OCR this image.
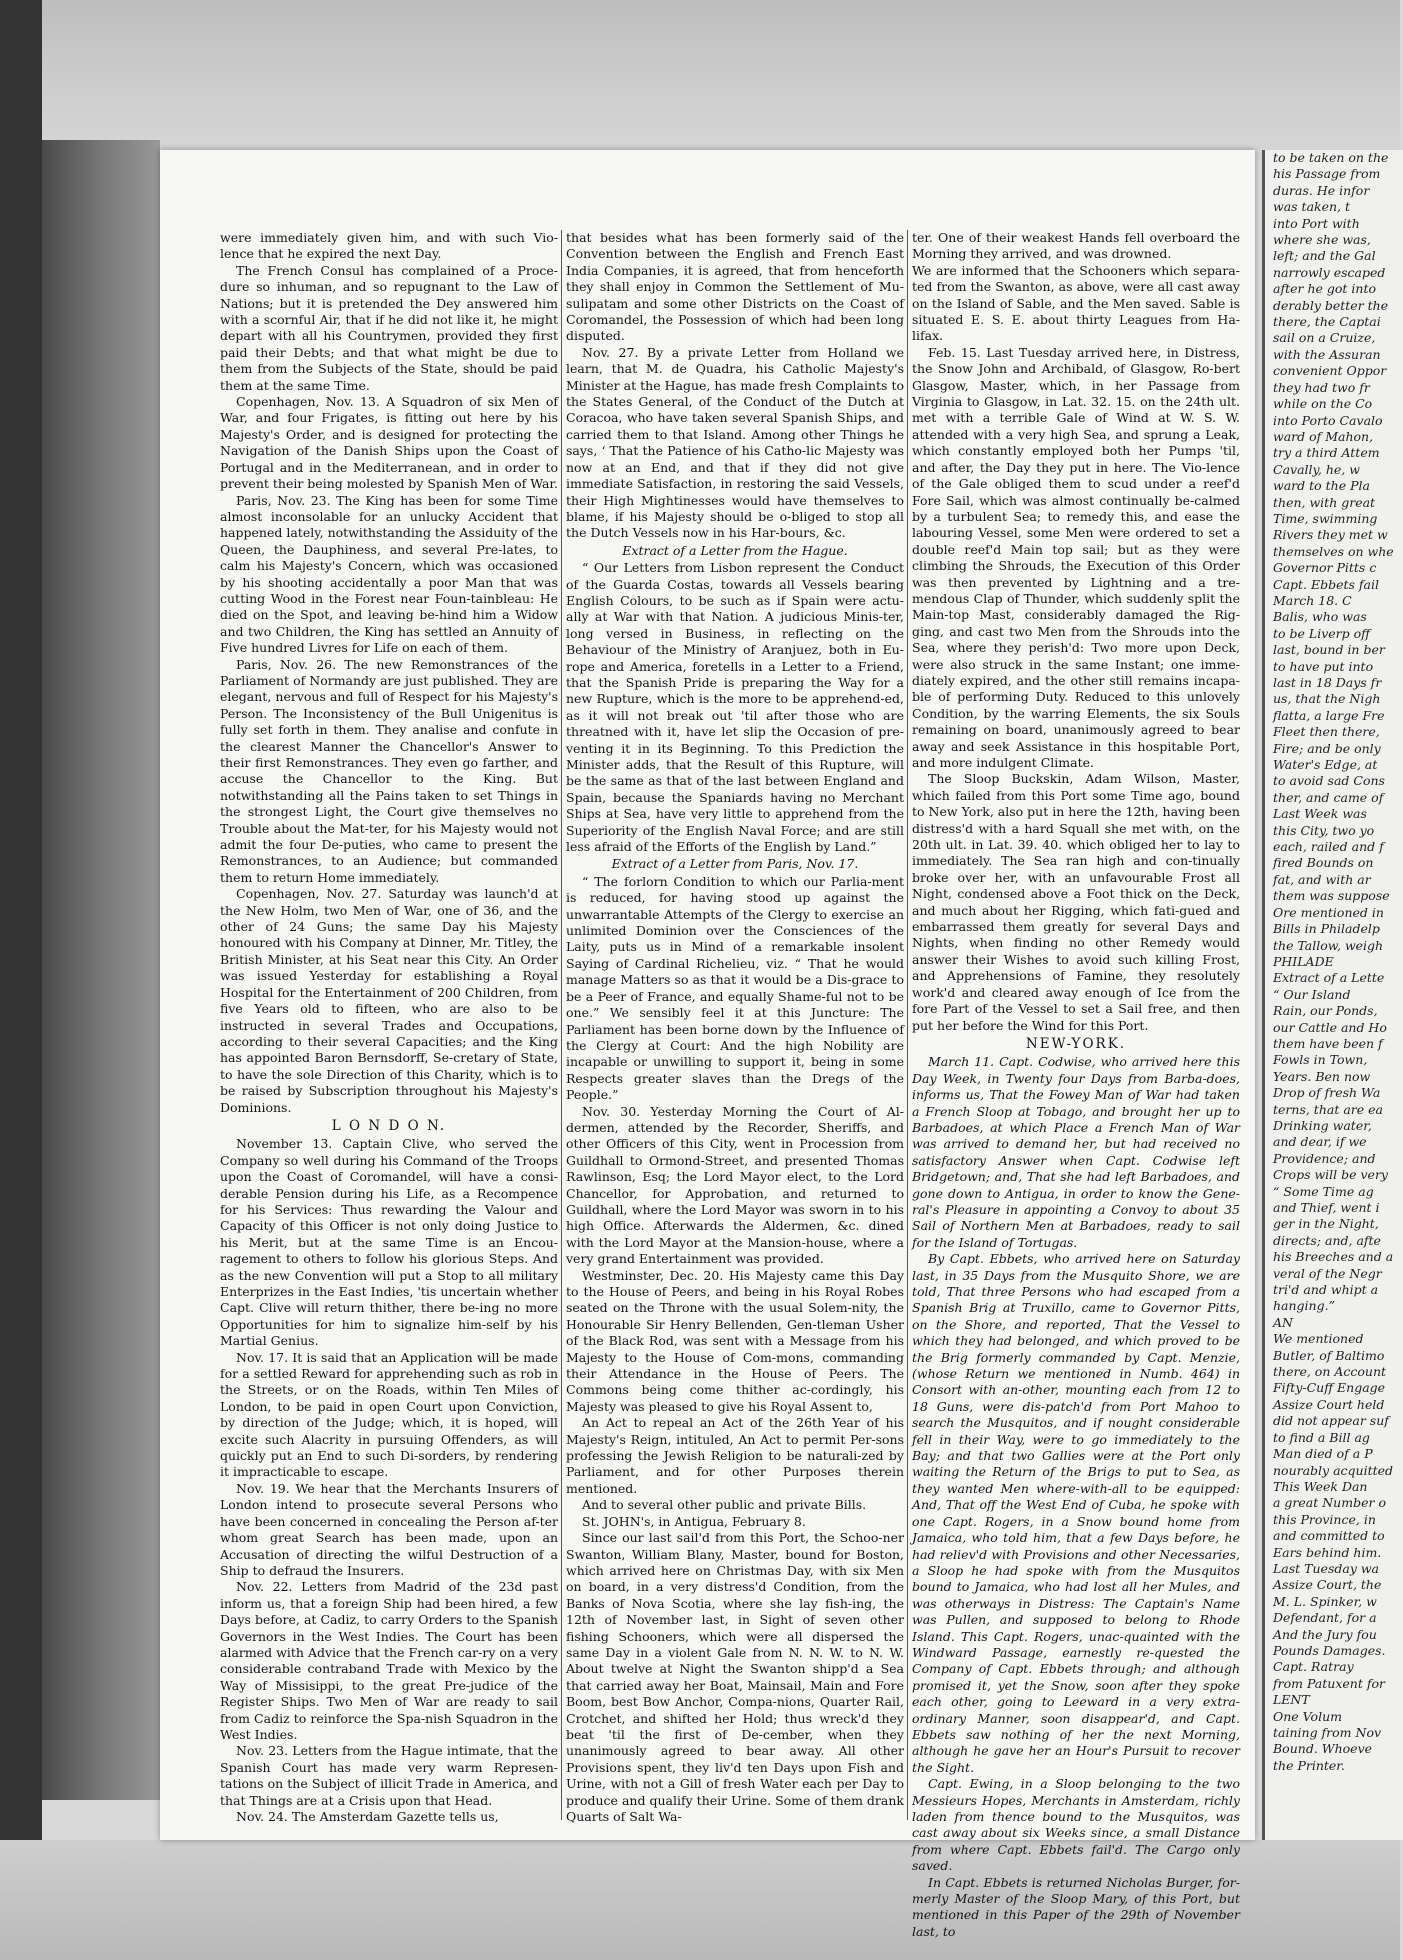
were immediately given him, and with such Vio-lence that he expired the next Day.

The French Consul has complained of a Proce-dure so inhuman, and so repugnant to the Law of Nations; but it is pretended the Dey answered him with a scornful Air, that if he did not like it, he might depart with all his Countrymen, provided they first paid their Debts; and that what might be due to them from the Subjects of the State, should be paid them at the same Time.

Copenhagen, Nov. 13. A Squadron of six Men of War, and four Frigates, is fitting out here by his Majesty's Order, and is designed for protecting the Navigation of the Danish Ships upon the Coast of Portugal and in the Mediterranean, and in order to prevent their being molested by Spanish Men of War.

Paris, Nov. 23. The King has been for some Time almost inconsolable for an unlucky Accident that happened lately, notwithstanding the Assiduity of the Queen, the Dauphiness, and several Pre-lates, to calm his Majesty's Concern, which was occasioned by his shooting accidentally a poor Man that was cutting Wood in the Forest near Foun-tainbleau: He died on the Spot, and leaving be-hind him a Widow and two Children, the King has settled an Annuity of Five hundred Livres for Life on each of them.

Paris, Nov. 26. The new Remonstrances of the Parliament of Normandy are just published. They are elegant, nervous and full of Respect for his Majesty's Person. The Inconsistency of the Bull Unigenitus is fully set forth in them. They analise and confute in the clearest Manner the Chancellor's Answer to their first Remonstrances. They even go farther, and accuse the Chancellor to the King. But notwithstanding all the Pains taken to set Things in the strongest Light, the Court give themselves no Trouble about the Mat-ter, for his Majesty would not admit the four De-puties, who came to present the Remonstrances, to an Audience; but commanded them to return Home immediately.

Copenhagen, Nov. 27. Saturday was launch'd at the New Holm, two Men of War, one of 36, and the other of 24 Guns; the same Day his Majesty honoured with his Company at Dinner, Mr. Titley, the British Minister, at his Seat near this City. An Order was issued Yesterday for establishing a Royal Hospital for the Entertainment of 200 Children, from five Years old to fifteen, who are also to be instructed in several Trades and Occupations, according to their several Capacities; and the King has appointed Baron Bernsdorff, Se-cretary of State, to have the sole Direction of this Charity, which is to be raised by Subscription throughout his Majesty's Dominions.

L O N D O N.

November 13. Captain Clive, who served the Company so well during his Command of the Troops upon the Coast of Coromandel, will have a consi-derable Pension during his Life, as a Recompence for his Services: Thus rewarding the Valour and Capacity of this Officer is not only doing Justice to his Merit, but at the same Time is an Encou-ragement to others to follow his glorious Steps. And as the new Convention will put a Stop to all military Enterprizes in the East Indies, 'tis uncertain whether Capt. Clive will return thither, there be-ing no more Opportunities for him to signalize him-self by his Martial Genius.

Nov. 17. It is said that an Application will be made for a settled Reward for apprehending such as rob in the Streets, or on the Roads, within Ten Miles of London, to be paid in open Court upon Conviction, by direction of the Judge; which, it is hoped, will excite such Alacrity in pursuing Offenders, as will quickly put an End to such Di-sorders, by rendering it impracticable to escape.

Nov. 19. We hear that the Merchants Insurers of London intend to prosecute several Persons who have been concerned in concealing the Person af-ter whom great Search has been made, upon an Accusation of directing the wilful Destruction of a Ship to defraud the Insurers.

Nov. 22. Letters from Madrid of the 23d past inform us, that a foreign Ship had been hired, a few Days before, at Cadiz, to carry Orders to the Spanish Governors in the West Indies. The Court has been alarmed with Advice that the French car-ry on a very considerable contraband Trade with Mexico by the Way of Missisippi, to the great Pre-judice of the Register Ships. Two Men of War are ready to sail from Cadiz to reinforce the Spa-nish Squadron in the West Indies.

Nov. 23. Letters from the Hague intimate, that the Spanish Court has made very warm Represen-tations on the Subject of illicit Trade in America, and that Things are at a Crisis upon that Head.

Nov. 24. The Amsterdam Gazette tells us,

that besides what has been formerly said of the Convention between the English and French East India Companies, it is agreed, that from henceforth they shall enjoy in Common the Settlement of Mu-sulipatam and some other Districts on the Coast of Coromandel, the Possession of which had been long disputed.

Nov. 27. By a private Letter from Holland we learn, that M. de Quadra, his Catholic Majesty's Minister at the Hague, has made fresh Complaints to the States General, of the Conduct of the Dutch at Coracoa, who have taken several Spanish Ships, and carried them to that Island. Among other Things he says, ‘ That the Patience of his Catho-lic Majesty was now at an End, and that if they did not give immediate Satisfaction, in restoring the said Vessels, their High Mightinesses would have themselves to blame, if his Majesty should be o-bliged to stop all the Dutch Vessels now in his Har-bours, &c.

Extract of a Letter from the Hague.

“ Our Letters from Lisbon represent the Conduct of the Guarda Costas, towards all Vessels bearing English Colours, to be such as if Spain were actu-ally at War with that Nation. A judicious Minis-ter, long versed in Business, in reflecting on the Behaviour of the Ministry of Aranjuez, both in Eu-rope and America, foretells in a Letter to a Friend, that the Spanish Pride is preparing the Way for a new Rupture, which is the more to be apprehend-ed, as it will not break out 'til after those who are threatned with it, have let slip the Occasion of pre-venting it in its Beginning. To this Prediction the Minister adds, that the Result of this Rupture, will be the same as that of the last between England and Spain, because the Spaniards having no Merchant Ships at Sea, have very little to apprehend from the Superiority of the English Naval Force; and are still less afraid of the Efforts of the English by Land.”

Extract of a Letter from Paris, Nov. 17.

“ The forlorn Condition to which our Parlia-ment is reduced, for having stood up against the unwarrantable Attempts of the Clergy to exercise an unlimited Dominion over the Consciences of the Laity, puts us in Mind of a remarkable insolent Saying of Cardinal Richelieu, viz. “ That he would manage Matters so as that it would be a Dis-grace to be a Peer of France, and equally Shame-ful not to be one.” We sensibly feel it at this Juncture: The Parliament has been borne down by the Influence of the Clergy at Court: And the high Nobility are incapable or unwilling to support it, being in some Respects greater slaves than the Dregs of the People.”

Nov. 30. Yesterday Morning the Court of Al-dermen, attended by the Recorder, Sheriffs, and other Officers of this City, went in Procession from Guildhall to Ormond-Street, and presented Thomas Rawlinson, Esq; the Lord Mayor elect, to the Lord Chancellor, for Approbation, and returned to Guildhall, where the Lord Mayor was sworn in to his high Office. Afterwards the Aldermen, &c. dined with the Lord Mayor at the Mansion-house, where a very grand Entertainment was provided.

Westminster, Dec. 20. His Majesty came this Day to the House of Peers, and being in his Royal Robes seated on the Throne with the usual Solem-nity, the Honourable Sir Henry Bellenden, Gen-tleman Usher of the Black Rod, was sent with a Message from his Majesty to the House of Com-mons, commanding their Attendance in the House of Peers. The Commons being come thither ac-cordingly, his Majesty was pleased to give his Royal Assent to,

An Act to repeal an Act of the 26th Year of his Majesty's Reign, intituled, An Act to permit Per-sons professing the Jewish Religion to be naturali-zed by Parliament, and for other Purposes therein mentioned.

And to several other public and private Bills.

St. JOHN's, in Antigua, February 8.

Since our last sail'd from this Port, the Schoo-ner Swanton, William Blany, Master, bound for Boston, which arrived here on Christmas Day, with six Men on board, in a very distress'd Condition, from the Banks of Nova Scotia, where she lay fish-ing, the 12th of November last, in Sight of seven other fishing Schooners, which were all dispersed the same Day in a violent Gale from N. N. W. to N. W. About twelve at Night the Swanton shipp'd a Sea that carried away her Boat, Mainsail, Main and Fore Boom, best Bow Anchor, Compa-nions, Quarter Rail, Crotchet, and shifted her Hold; thus wreck'd they beat 'til the first of De-cember, when they unanimously agreed to bear away. All other Provisions spent, they liv'd ten Days upon Fish and Urine, with not a Gill of fresh Water each per Day to produce and qualify their Urine. Some of them drank Quarts of Salt Wa-

ter. One of their weakest Hands fell overboard the Morning they arrived, and was drowned.

We are informed that the Schooners which separa-ted from the Swanton, as above, were all cast away on the Island of Sable, and the Men saved. Sable is situated E. S. E. about thirty Leagues from Ha-lifax.

Feb. 15. Last Tuesday arrived here, in Distress, the Snow John and Archibald, of Glasgow, Ro-bert Glasgow, Master, which, in her Passage from Virginia to Glasgow, in Lat. 32. 15. on the 24th ult. met with a terrible Gale of Wind at W. S. W. attended with a very high Sea, and sprung a Leak, which constantly employed both her Pumps 'til, and after, the Day they put in here. The Vio-lence of the Gale obliged them to scud under a reef'd Fore Sail, which was almost continually be-calmed by a turbulent Sea; to remedy this, and ease the labouring Vessel, some Men were ordered to set a double reef'd Main top sail; but as they were climbing the Shrouds, the Execution of this Order was then prevented by Lightning and a tre-mendous Clap of Thunder, which suddenly split the Main-top Mast, considerably damaged the Rig-ging, and cast two Men from the Shrouds into the Sea, where they perish'd: Two more upon Deck, were also struck in the same Instant; one imme-diately expired, and the other still remains incapa-ble of performing Duty. Reduced to this unlovely Condition, by the warring Elements, the six Souls remaining on board, unanimously agreed to bear away and seek Assistance in this hospitable Port, and more indulgent Climate.

The Sloop Buckskin, Adam Wilson, Master, which failed from this Port some Time ago, bound to New York, also put in here the 12th, having been distress'd with a hard Squall she met with, on the 20th ult. in Lat. 39. 40. which obliged her to lay to immediately. The Sea ran high and con-tinually broke over her, with an unfavourable Frost all Night, condensed above a Foot thick on the Deck, and much about her Rigging, which fati-gued and embarrassed them greatly for several Days and Nights, when finding no other Remedy would answer their Wishes to avoid such killing Frost, and Apprehensions of Famine, they resolutely work'd and cleared away enough of Ice from the fore Part of the Vessel to set a Sail free, and then put her before the Wind for this Port.

NEW-YORK.

March 11. Capt. Codwise, who arrived here this Day Week, in Twenty four Days from Barba-does, informs us, That the Fowey Man of War had taken a French Sloop at Tobago, and brought her up to Barbadoes, at which Place a French Man of War was arrived to demand her, but had received no satisfactory Answer when Capt. Codwise left Bridgetown; and, That she had left Barbadoes, and gone down to Antigua, in order to know the Gene-ral's Pleasure in appointing a Convoy to about 35 Sail of Northern Men at Barbadoes, ready to sail for the Island of Tortugas.

By Capt. Ebbets, who arrived here on Saturday last, in 35 Days from the Musquito Shore, we are told, That three Persons who had escaped from a Spanish Brig at Truxillo, came to Governor Pitts, on the Shore, and reported, That the Vessel to which they had belonged, and which proved to be the Brig formerly commanded by Capt. Menzie, (whose Return we mentioned in Numb. 464) in Consort with an-other, mounting each from 12 to 18 Guns, were dis-patch'd from Port Mahoo to search the Musquitos, and if nought considerable fell in their Way, were to go immediately to the Bay; and that two Gallies were at the Port only waiting the Return of the Brigs to put to Sea, as they wanted Men where-with-all to be equipped: And, That off the West End of Cuba, he spoke with one Capt. Rogers, in a Snow bound home from Jamaica, who told him, that a few Days before, he had reliev'd with Provisions and other Necessaries, a Sloop he had spoke with from the Musquitos bound to Jamaica, who had lost all her Mules, and was otherways in Distress: The Captain's Name was Pullen, and supposed to belong to Rhode Island. This Capt. Rogers, unac-quainted with the Windward Passage, earnestly re-quested the Company of Capt. Ebbets through; and although promised it, yet the Snow, soon after they spoke each other, going to Leeward in a very extra-ordinary Manner, soon disappear'd, and Capt. Ebbets saw nothing of her the next Morning, although he gave her an Hour's Pursuit to recover the Sight.

Capt. Ewing, in a Sloop belonging to the two Messieurs Hopes, Merchants in Amsterdam, richly laden from thence bound to the Musquitos, was cast away about six Weeks since, a small Distance from where Capt. Ebbets fail'd. The Cargo only saved.

In Capt. Ebbets is returned Nicholas Burger, for-merly Master of the Sloop Mary, of this Port, but mentioned in this Paper of the 29th of November last, to

to be taken on the

his Passage from

duras. He infor

was taken, t

into Port with

where she was,

left; and the Gal

narrowly escaped

after he got into

derably better the

there, the Captai

sail on a Cruize,

with the Assuran

convenient Oppor

they had two fr

while on the Co

into Porto Cavalo

ward of Mahon,

try a third Attem

Cavally, he, w

ward to the Pla

then, with great

Time, swimming

Rivers they met w

themselves on whe

Governor Pitts c

Capt. Ebbets fail

March 18. C

Balis, who was

to be Liverp off

last, bound in ber

to have put into

last in 18 Days fr

us, that the Nigh

flatta, a large Fre

Fleet then there,

Fire; and be only

Water's Edge, at

to avoid sad Cons

ther, and came of

Last Week was

this City, two yo

each, railed and f

fired Bounds on

fat, and with ar

them was suppose

Ore mentioned in

Bills in Philadelp

the Tallow, weigh

PHILADE

Extract of a Lette

“ Our Island

Rain, our Ponds,

our Cattle and Ho

them have been f

Fowls in Town,

Years. Ben now

Drop of fresh Wa

terns, that are ea

Drinking water,

and dear, if we

Providence; and

Crops will be very

“ Some Time ag

and Thief, went i

ger in the Night,

directs; and, afte

his Breeches and a

veral of the Negr

tri'd and whipt a

hanging.”

AN

We mentioned

Butler, of Baltimo

there, on Account

Fifty-Cuff Engage

Assize Court held

did not appear suf

to find a Bill ag

Man died of a P

nourably acquitted

This Week Dan

a great Number o

this Province, in

and committed to

Ears behind him.

Last Tuesday wa

Assize Court, the

M. L. Spinker, w

Defendant, for a

And the Jury fou

Pounds Damages.

Capt. Ratray

from Patuxent for

LENT

One Volum

taining from Nov

Bound. Whoeve

the Printer.
